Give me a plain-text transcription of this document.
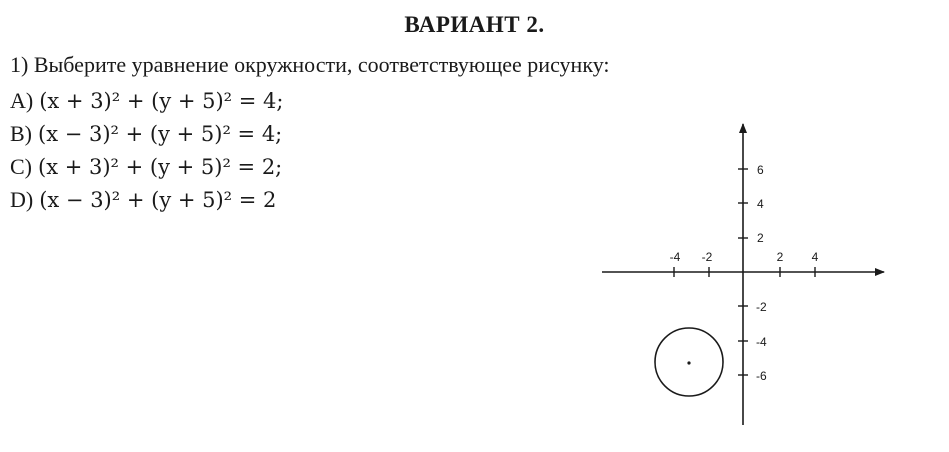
ВАРИАНТ 2.
1) Выберите уравнение окружности, соответствующее рисунку:
A) (x + 3)² + (y + 5)² = 4;
B) (x − 3)² + (y + 5)² = 4;
C) (x + 3)² + (y + 5)² = 2;
D) (x − 3)² + (y + 5)² = 2
-4 -2	2 4
6
4
2
-2
-4
-6
